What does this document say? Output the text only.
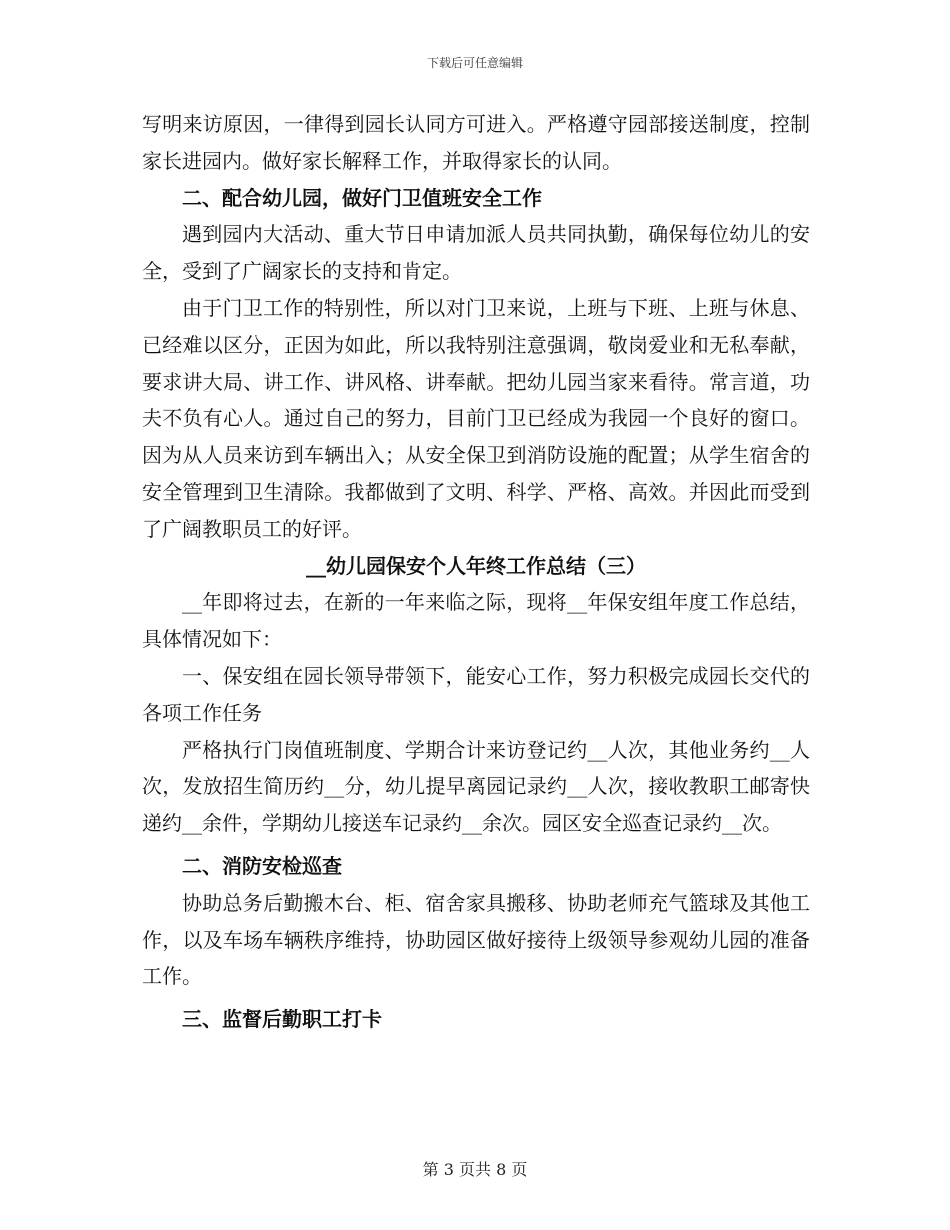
下载后可任意编辑

写明来访原因，一律得到园长认同方可进入。严格遵守园部接送制度，控制家长进园内。做好家长解释工作，并取得家长的认同。

二、配合幼儿园，做好门卫值班安全工作

遇到园内大活动、重大节日申请加派人员共同执勤，确保每位幼儿的安全，受到了广阔家长的支持和肯定。

由于门卫工作的特别性，所以对门卫来说，上班与下班、上班与休息、已经难以区分，正因为如此，所以我特别注意强调，敬岗爱业和无私奉献，要求讲大局、讲工作、讲风格、讲奉献。把幼儿园当家来看待。常言道，功夫不负有心人。通过自己的努力，目前门卫已经成为我园一个良好的窗口。因为从人员来访到车辆出入；从安全保卫到消防设施的配置；从学生宿舍的安全管理到卫生清除。我都做到了文明、科学、严格、高效。并因此而受到了广阔教职员工的好评。

__幼儿园保安个人年终工作总结（三）

__年即将过去，在新的一年来临之际，现将__年保安组年度工作总结，具体情况如下：

一、保安组在园长领导带领下，能安心工作，努力积极完成园长交代的各项工作任务

严格执行门岗值班制度、学期合计来访登记约__人次，其他业务约__人次，发放招生简历约__分，幼儿提早离园记录约__人次，接收教职工邮寄快递约__余件，学期幼儿接送车记录约__余次。园区安全巡查记录约__次。

二、消防安检巡查

协助总务后勤搬木台、柜、宿舍家具搬移、协助老师充气篮球及其他工作，以及车场车辆秩序维持，协助园区做好接待上级领导参观幼儿园的准备工作。

三、监督后勤职工打卡

第 3 页共 8 页
